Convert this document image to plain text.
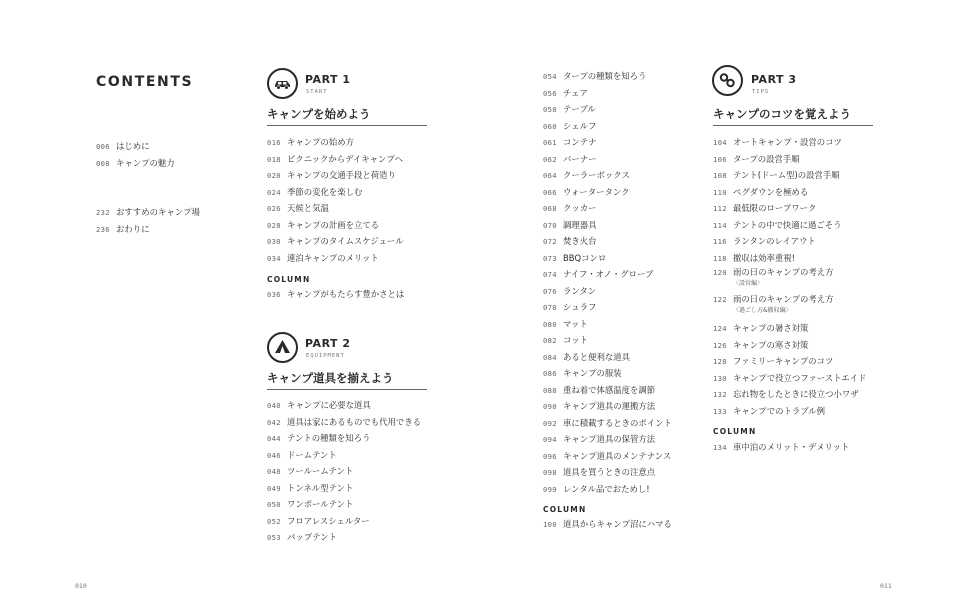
CONTENTS
006 はじめに
008 キャンプの魅力
232 おすすめのキャンプ場
236 おわりに
PART 1
START
キャンプを始めよう
016 キャンプの始め方
018 ピクニックからデイキャンプへ
020 キャンプの交通手段と荷造り
024 季節の変化を楽しむ
026 天候と気温
028 キャンプの計画を立てる
030 キャンプのタイムスケジュール
034 連泊キャンプのメリット
COLUMN
036 キャンプがもたらす豊かさとは
PART 2
EQUIPMENT
キャンプ道具を揃えよう
040 キャンプに必要な道具
042 道具は家にあるものでも代用できる
044 テントの種類を知ろう
046 ドームテント
048 ツールームテント
049 トンネル型テント
050 ワンポールテント
052 フロアレスシェルター
053 パップテント
054 タープの種類を知ろう
056 チェア
058 テーブル
060 シェルフ
061 コンテナ
062 バーナー
064 クーラーボックス
066 ウォータータンク
068 クッカー
070 調理器具
072 焚き火台
073 BBQコンロ
074 ナイフ・オノ・グローブ
076 ランタン
078 シュラフ
080 マット
082 コット
084 あると便利な道具
086 キャンプの服装
088 重ね着で体感温度を調節
090 キャンプ道具の運搬方法
092 車に積載するときのポイント
094 キャンプ道具の保管方法
096 キャンプ道具のメンテナンス
098 道具を買うときの注意点
099 レンタル品でおためし!
COLUMN
100 道具からキャンプ沼にハマる
PART 3
TIPS
キャンプのコツを覚えよう
104 オートキャンプ・設営のコツ
106 タープの設営手順
108 テント(ドーム型)の設営手順
110 ペグダウンを極める
112 最低限のロープワーク
114 テントの中で快適に過ごそう
116 ランタンのレイアウト
118 撤収は効率重視!
120 雨の日のキャンプの考え方
〈設営編〉
122 雨の日のキャンプの考え方
〈過ごし方&撤収編〉
124 キャンプの暑さ対策
126 キャンプの寒さ対策
128 ファミリーキャンプのコツ
130 キャンプで役立つファーストエイド
132 忘れ物をしたときに役立つ小ワザ
133 キャンプでのトラブル例
COLUMN
134 車中泊のメリット・デメリット
010	011
